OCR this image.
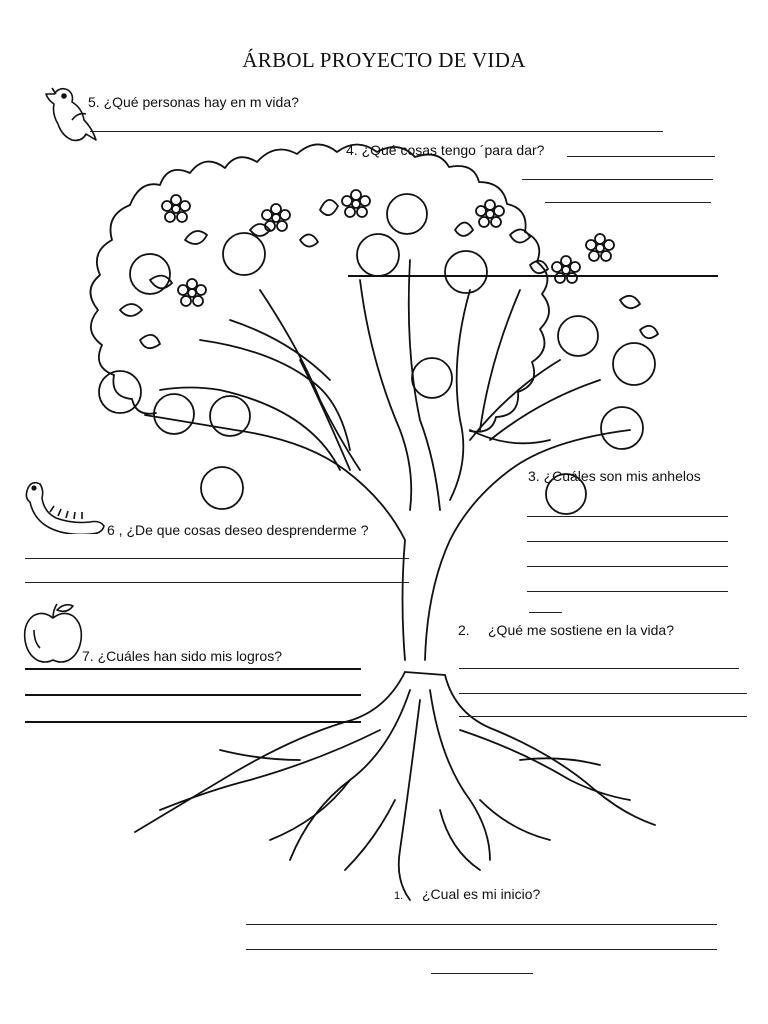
ÁRBOL PROYECTO DE VIDA
5. ¿Qué personas hay en m vida?
4. ¿Qué cosas tengo ´para dar?
3. ¿Cuáles son mis anhelos
6 , ¿De que cosas deseo desprenderme ?
7. ¿Cuáles han sido mis logros?
2. ¿Qué me sostiene en la vida?
1. ¿Cual es mi inicio?
